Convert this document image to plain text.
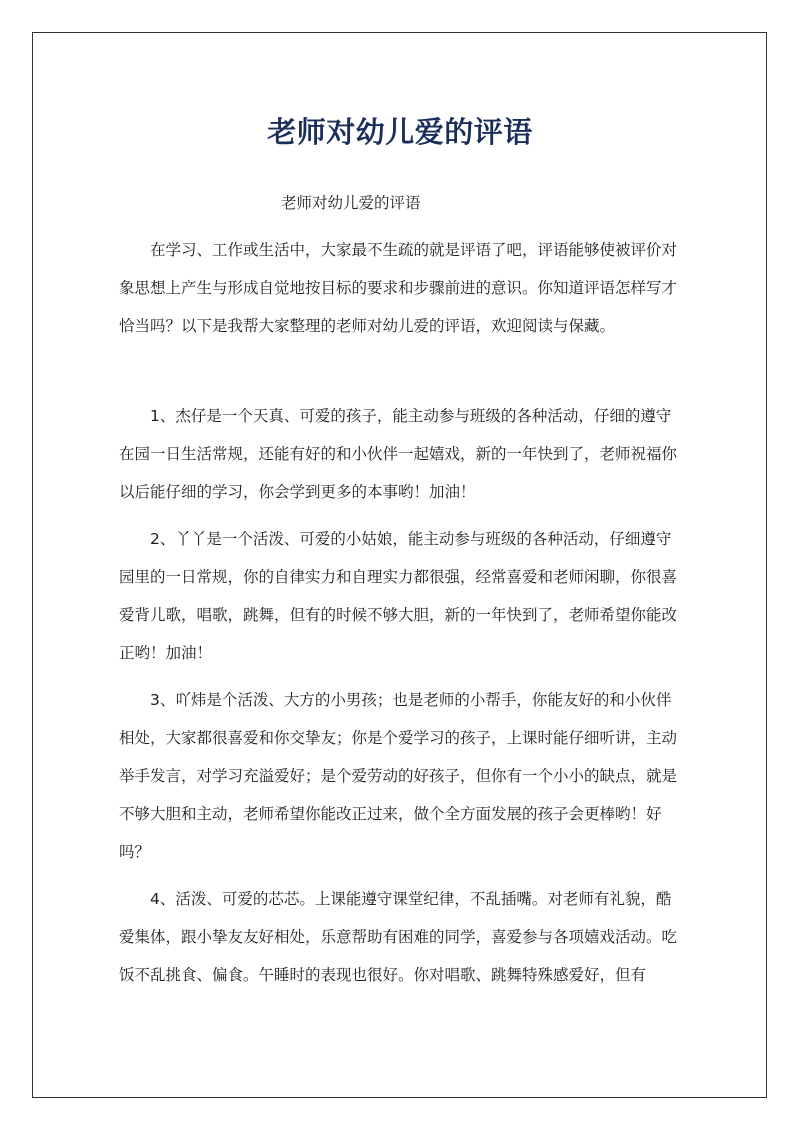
老师对幼儿爱的评语

老师对幼儿爱的评语

在学习、工作或生活中，大家最不生疏的就是评语了吧，评语能够使被评价对象思想上产生与形成自觉地按目标的要求和步骤前进的意识。你知道评语怎样写才恰当吗？以下是我帮大家整理的老师对幼儿爱的评语，欢迎阅读与保藏。

1、杰仔是一个天真、可爱的孩子，能主动参与班级的各种活动，仔细的遵守在园一日生活常规，还能有好的和小伙伴一起嬉戏，新的一年快到了，老师祝福你以后能仔细的学习，你会学到更多的本事哟！加油！
2、丫丫是一个活泼、可爱的小姑娘，能主动参与班级的各种活动，仔细遵守园里的一日常规，你的自律实力和自理实力都很强，经常喜爱和老师闲聊，你很喜爱背儿歌，唱歌，跳舞，但有的时候不够大胆，新的一年快到了，老师希望你能改正哟！加油！
3、吖炜是个活泼、大方的小男孩；也是老师的小帮手，你能友好的和小伙伴相处，大家都很喜爱和你交挚友；你是个爱学习的孩子，上课时能仔细听讲，主动举手发言，对学习充溢爱好；是个爱劳动的好孩子，但你有一个小小的缺点，就是不够大胆和主动，老师希望你能改正过来，做个全方面发展的孩子会更棒哟！好吗？
4、活泼、可爱的芯芯。上课能遵守课堂纪律，不乱插嘴。对老师有礼貌，酷爱集体，跟小挚友友好相处，乐意帮助有困难的同学，喜爱参与各项嬉戏活动。吃饭不乱挑食、偏食。午睡时的表现也很好。你对唱歌、跳舞特殊感爱好，但有
